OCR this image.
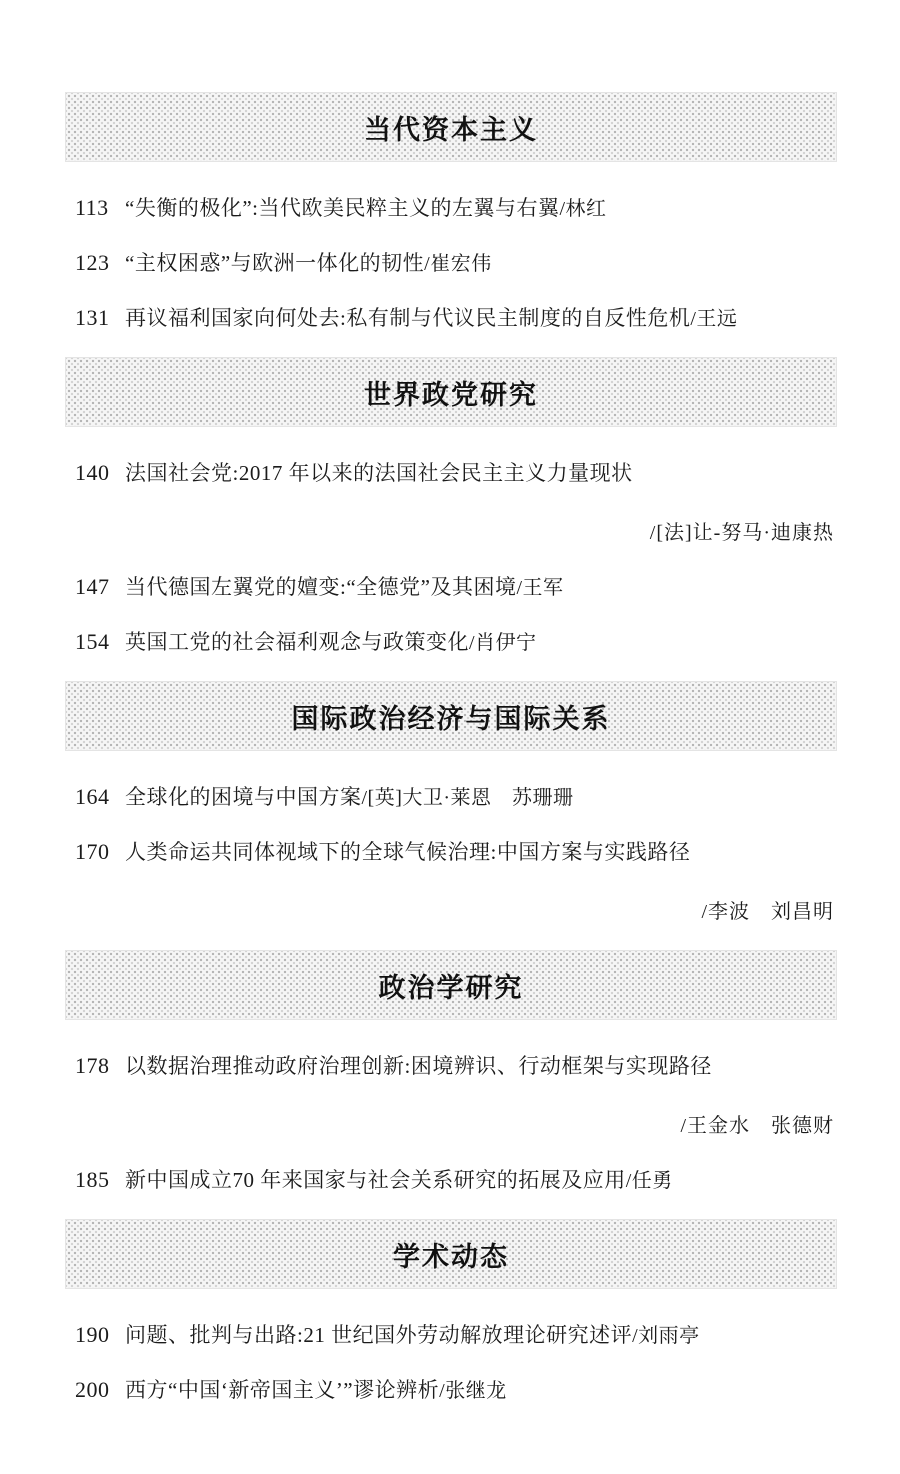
当代资本主义
113 “失衡的极化”:当代欧美民粹主义的左翼与右翼/林红
123 “主权困惑”与欧洲一体化的韧性/崔宏伟
131 再议福利国家向何处去:私有制与代议民主制度的自反性危机/王远
世界政党研究
140 法国社会党:2017 年以来的法国社会民主主义力量现状
/[法]让-努马·迪康热
147 当代德国左翼党的嬗变:“全德党”及其困境/王军
154 英国工党的社会福利观念与政策变化/肖伊宁
国际政治经济与国际关系
164 全球化的困境与中国方案/[英]大卫·莱恩　苏珊珊
170 人类命运共同体视域下的全球气候治理:中国方案与实践路径
/李波　刘昌明
政治学研究
178 以数据治理推动政府治理创新:困境辨识、行动框架与实现路径
/王金水　张德财
185 新中国成立70 年来国家与社会关系研究的拓展及应用/任勇
学术动态
190 问题、批判与出路:21 世纪国外劳动解放理论研究述评/刘雨亭
200 西方“中国‘新帝国主义’”谬论辨析/张继龙
